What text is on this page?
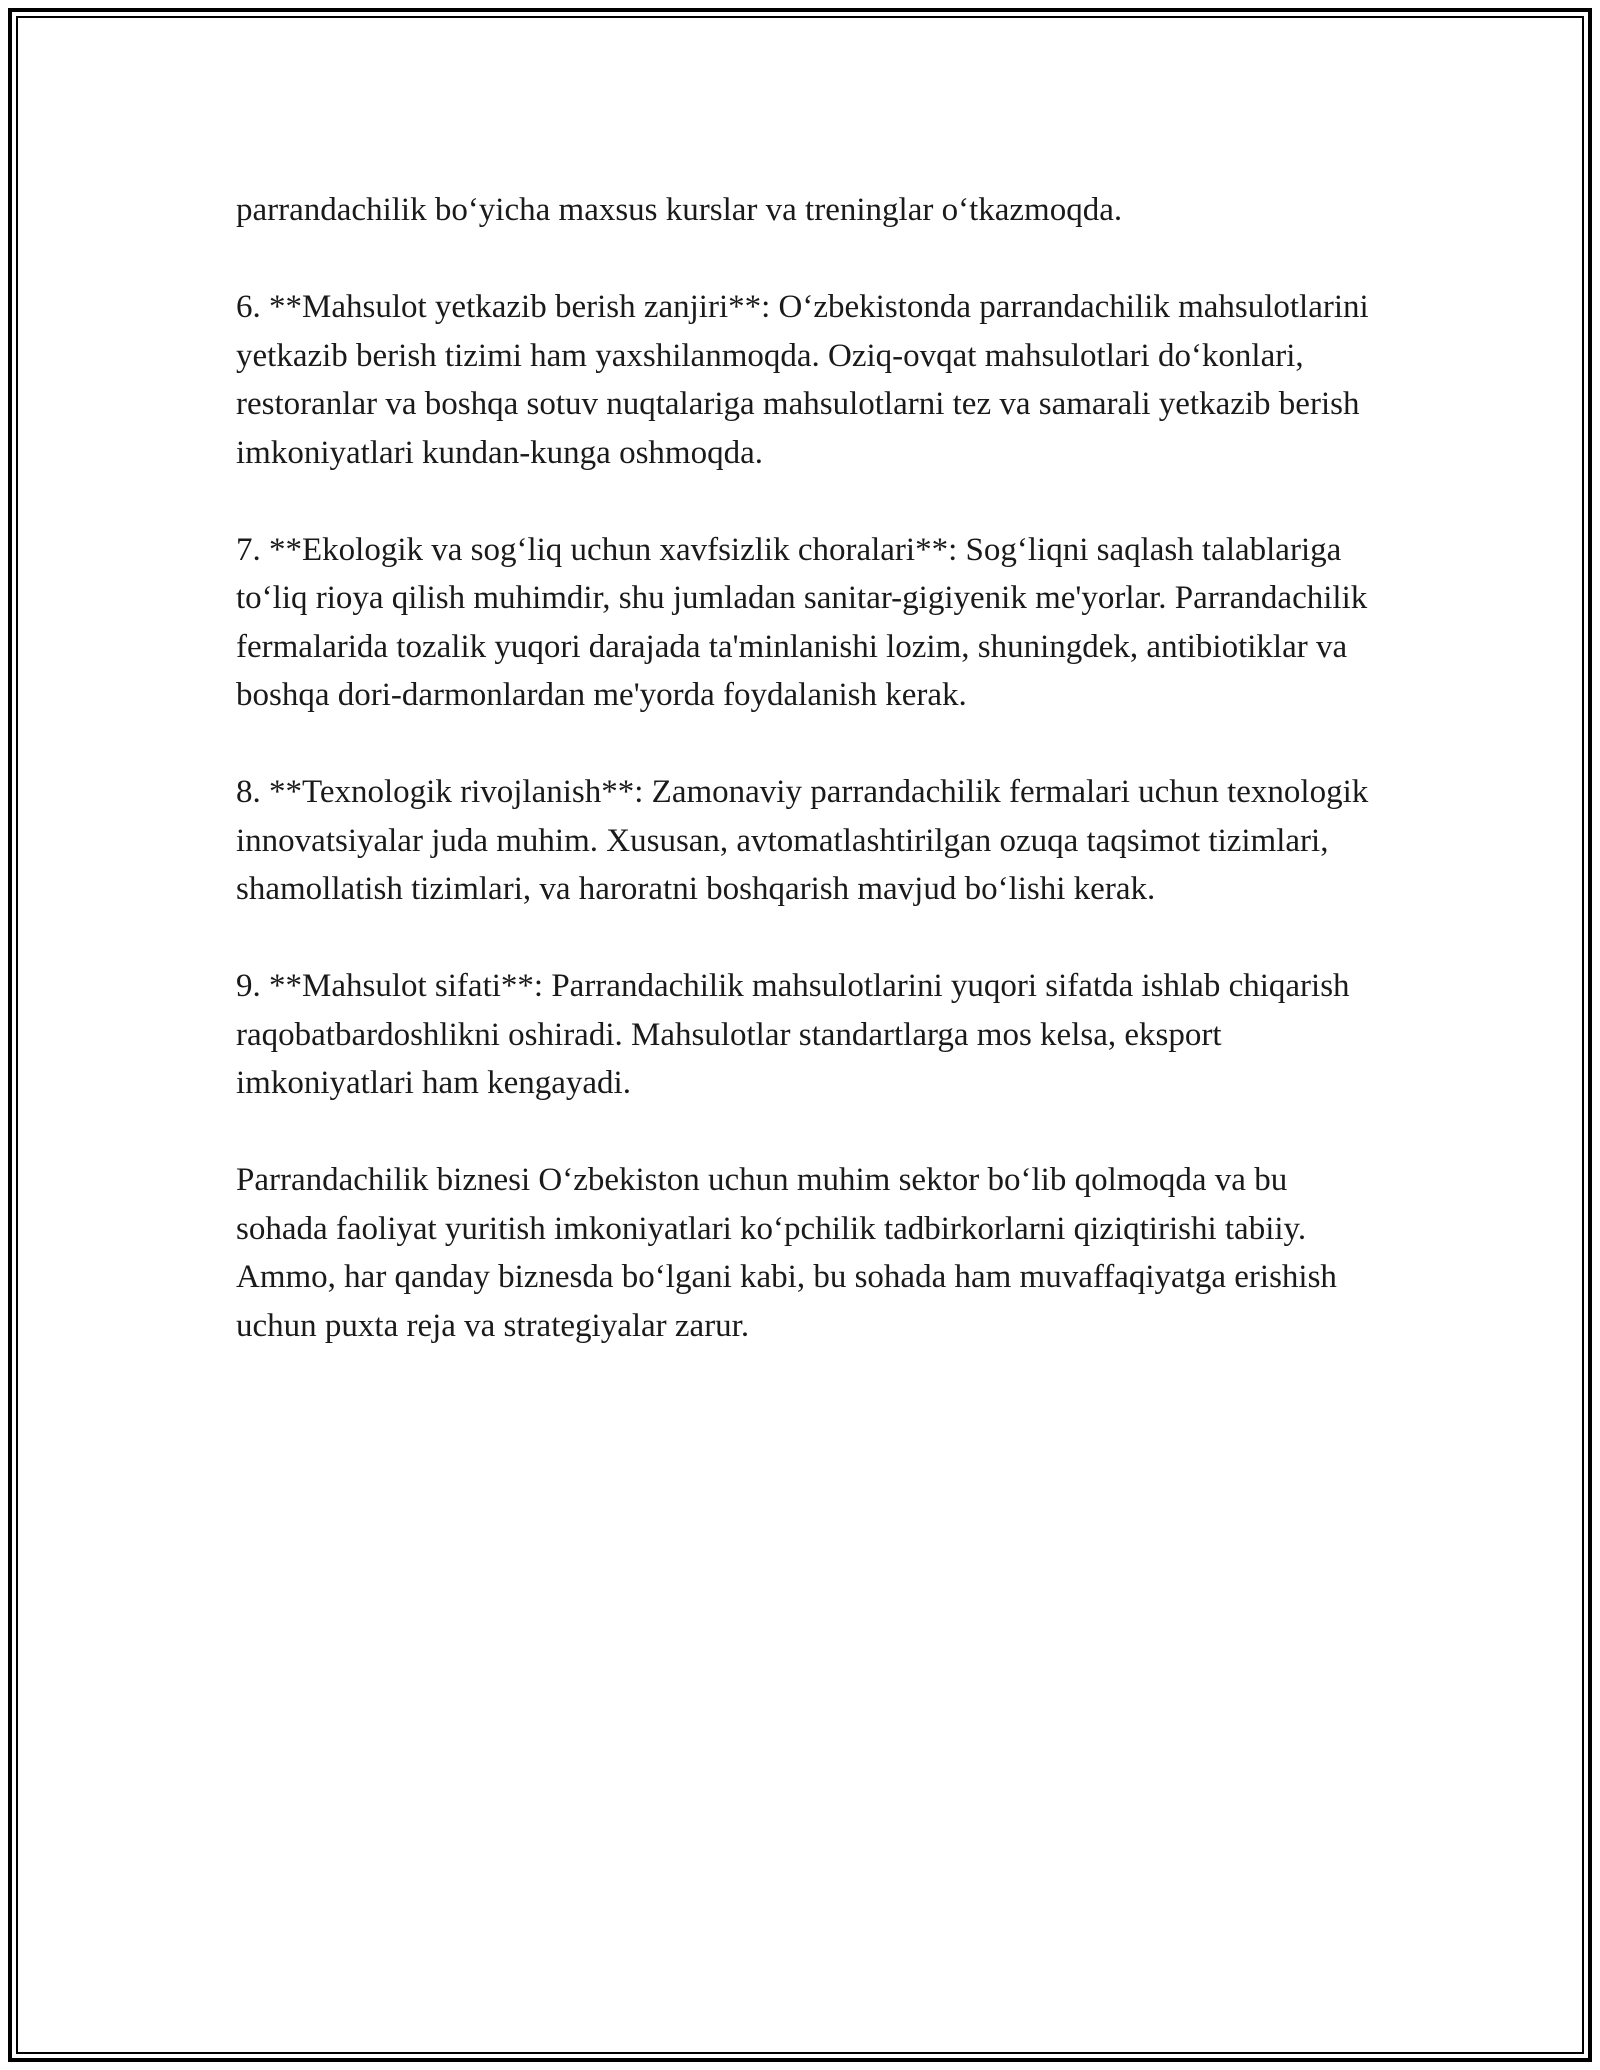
parrandachilik bo‘yicha maxsus kurslar va treninglar o‘tkazmoqda.

6. **Mahsulot yetkazib berish zanjiri**: O‘zbekistonda parrandachilik mahsulotlarini yetkazib berish tizimi ham yaxshilanmoqda. Oziq-ovqat mahsulotlari do‘konlari, restoranlar va boshqa sotuv nuqtalariga mahsulotlarni tez va samarali yetkazib berish imkoniyatlari kundan-kunga oshmoqda.

7. **Ekologik va sog‘liq uchun xavfsizlik choralari**: Sog‘liqni saqlash talablariga to‘liq rioya qilish muhimdir, shu jumladan sanitar-gigiyenik me'yorlar. Parrandachilik fermalarida tozalik yuqori darajada ta'minlanishi lozim, shuningdek, antibiotiklar va boshqa dori-darmonlardan me'yorda foydalanish kerak.

8. **Texnologik rivojlanish**: Zamonaviy parrandachilik fermalari uchun texnologik innovatsiyalar juda muhim. Xususan, avtomatlashtirilgan ozuqa taqsimot tizimlari, shamollatish tizimlari, va haroratni boshqarish mavjud bo‘lishi kerak.

9. **Mahsulot sifati**: Parrandachilik mahsulotlarini yuqori sifatda ishlab chiqarish raqobatbardoshlikni oshiradi. Mahsulotlar standartlarga mos kelsa, eksport imkoniyatlari ham kengayadi.

Parrandachilik biznesi O‘zbekiston uchun muhim sektor bo‘lib qolmoqda va bu sohada faoliyat yuritish imkoniyatlari ko‘pchilik tadbirkorlarni qiziqtirishi tabiiy. Ammo, har qanday biznesda bo‘lgani kabi, bu sohada ham muvaffaqiyatga erishish uchun puxta reja va strategiyalar zarur.
